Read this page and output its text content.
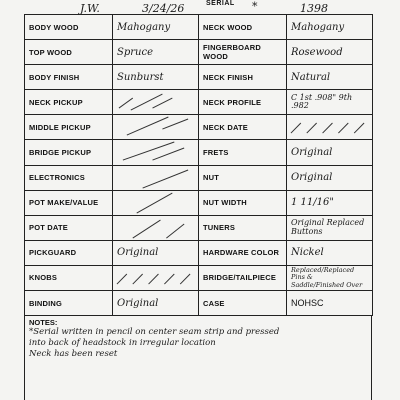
J.W.	3/24/26	SERIAL *	1398
BODY WOOD	Mahogany	NECK WOOD	Mahogany
TOP WOOD	Spruce	FINGERBOARD WOOD	Rosewood
BODY FINISH	Sunburst	NECK FINISH	Natural
NECK PICKUP		NECK PROFILE	C 1st .908" 9th .982
MIDDLE PICKUP		NECK DATE	

BRIDGE PICKUP		FRETS	Original
ELECTRONICS		NUT	Original
POT MAKE/VALUE		NUT WIDTH	1 11/16"
POT DATE		TUNERS	Original Replaced Buttons
PICKGUARD	Original	HARDWARE COLOR	Nickel
KNOBS		BRIDGE/TAILPIECE	Replaced/Replaced Pins & Saddle/Finished Over
BINDING	Original	CASE	NOHSC
NOTES:
*Serial written in pencil on center seam strip and pressed
into back of headstock in irregular location
Neck has been reset
